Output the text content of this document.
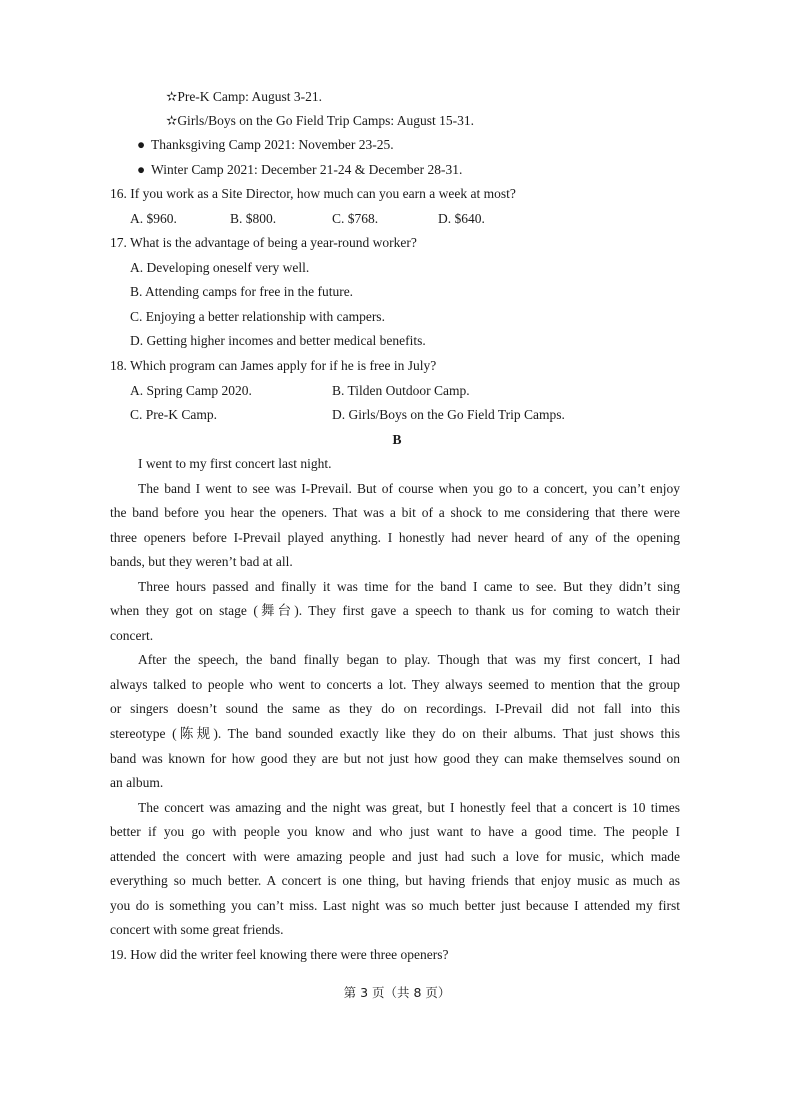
✫Pre-K Camp: August 3-21.
✫Girls/Boys on the Go Field Trip Camps: August 15-31.
● Thanksgiving Camp 2021: November 23-25.
● Winter Camp 2021: December 21-24 & December 28-31.
16. If you work as a Site Director, how much can you earn a week at most?
A. $960.	B. $800.	C. $768.	D. $640.
17. What is the advantage of being a year-round worker?
A. Developing oneself very well.
B. Attending camps for free in the future.
C. Enjoying a better relationship with campers.
D. Getting higher incomes and better medical benefits.
18. Which program can James apply for if he is free in July?
A. Spring Camp 2020.	B. Tilden Outdoor Camp.
C. Pre-K Camp.	D. Girls/Boys on the Go Field Trip Camps.
B
I went to my first concert last night.
The band I went to see was I-Prevail. But of course when you go to a concert, you can’t enjoy
the band before you hear the openers. That was a bit of a shock to me considering that there were
three openers before I-Prevail played anything. I honestly had never heard of any of the opening
bands, but they weren’t bad at all.
Three hours passed and finally it was time for the band I came to see. But they didn’t sing
when they got on stage (舞台). They first gave a speech to thank us for coming to watch their
concert.
After the speech, the band finally began to play. Though that was my first concert, I had
always talked to people who went to concerts a lot. They always seemed to mention that the group
or singers doesn’t sound the same as they do on recordings. I-Prevail did not fall into this
stereotype (陈规). The band sounded exactly like they do on their albums. That just shows this
band was known for how good they are but not just how good they can make themselves sound on
an album.
The concert was amazing and the night was great, but I honestly feel that a concert is 10 times
better if you go with people you know and who just want to have a good time. The people I
attended the concert with were amazing people and just had such a love for music, which made
everything so much better. A concert is one thing, but having friends that enjoy music as much as
you do is something you can’t miss. Last night was so much better just because I attended my first
concert with some great friends.
19. How did the writer feel knowing there were three openers?
第 3 页（共 8 页）
